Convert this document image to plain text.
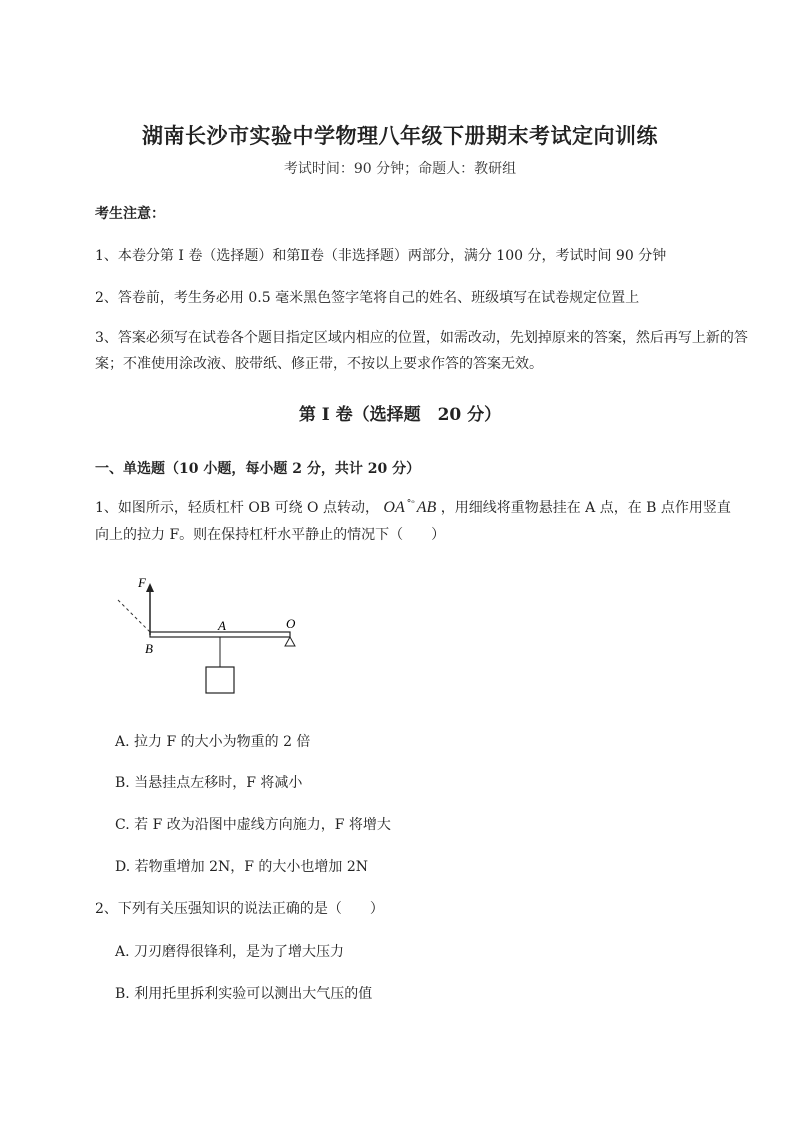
湖南长沙市实验中学物理八年级下册期末考试定向训练
考试时间：90 分钟；命题人：教研组
考生注意：
1、本卷分第 I 卷（选择题）和第Ⅱ卷（非选择题）两部分，满分 100 分，考试时间 90 分钟
2、答卷前，考生务必用 0.5 毫米黑色签字笔将自己的姓名、班级填写在试卷规定位置上
3、答案必须写在试卷各个题目指定区域内相应的位置，如需改动，先划掉原来的答案，然后再写上新的答案；不准使用涂改液、胶带纸、修正带，不按以上要求作答的答案无效。
第 I 卷（选择题　20 分）
一、单选题（10 小题，每小题 2 分，共计 20 分）
1、如图所示，轻质杠杆 OB 可绕 O 点转动， OA $^{^\circ ᵒ}$ AB ，用细线将重物悬挂在 A 点，在 B 点作用竖直
向上的拉力 F。则在保持杠杆水平静止的情况下（　　）
F
A	O
B
A. 拉力 F 的大小为物重的 2 倍
B. 当悬挂点左移时，F 将减小
C. 若 F 改为沿图中虚线方向施力，F 将增大
D. 若物重增加 2N，F 的大小也增加 2N
2、下列有关压强知识的说法正确的是（　　）
A. 刀刃磨得很锋利，是为了增大压力
B. 利用托里拆利实验可以测出大气压的值
